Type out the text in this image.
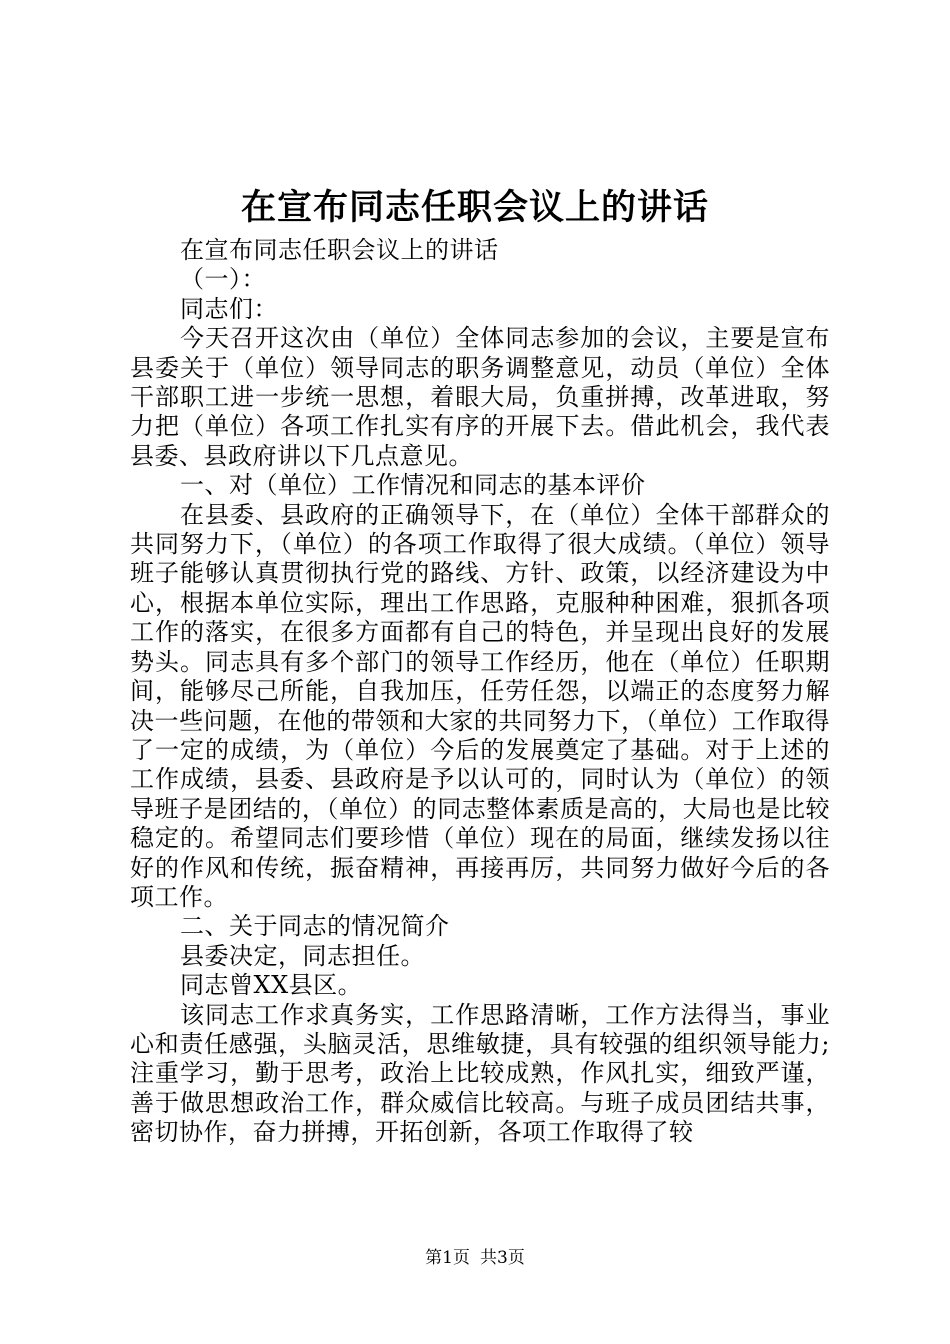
在宣布同志任职会议上的讲话

在宣布同志任职会议上的讲话

（一）：

同志们：

今天召开这次由（单位）全体同志参加的会议，主要是宣布县委关于（单位）领导同志的职务调整意见，动员（单位）全体干部职工进一步统一思想，着眼大局，负重拼搏，改革进取，努力把（单位）各项工作扎实有序的开展下去。借此机会，我代表县委、县政府讲以下几点意见。

一、对（单位）工作情况和同志的基本评价

在县委、县政府的正确领导下，在（单位）全体干部群众的共同努力下，（单位）的各项工作取得了很大成绩。（单位）领导班子能够认真贯彻执行党的路线、方针、政策，以经济建设为中心，根据本单位实际，理出工作思路，克服种种困难，狠抓各项工作的落实，在很多方面都有自己的特色，并呈现出良好的发展势头。同志具有多个部门的领导工作经历，他在（单位）任职期间，能够尽己所能，自我加压，任劳任怨，以端正的态度努力解决一些问题，在他的带领和大家的共同努力下，（单位）工作取得了一定的成绩，为（单位）今后的发展奠定了基础。对于上述的工作成绩，县委、县政府是予以认可的，同时认为（单位）的领导班子是团结的，（单位）的同志整体素质是高的，大局也是比较稳定的。希望同志们要珍惜（单位）现在的局面，继续发扬以往好的作风和传统，振奋精神，再接再厉，共同努力做好今后的各项工作。

二、关于同志的情况简介

县委决定，同志担任。

同志曾XX县区。

该同志工作求真务实，工作思路清晰，工作方法得当，事业心和责任感强，头脑灵活，思维敏捷，具有较强的组织领导能力;注重学习，勤于思考，政治上比较成熟，作风扎实，细致严谨，善于做思想政治工作，群众威信比较高。与班子成员团结共事，密切协作，奋力拼搏，开拓创新，各项工作取得了较

第1页 共3页
